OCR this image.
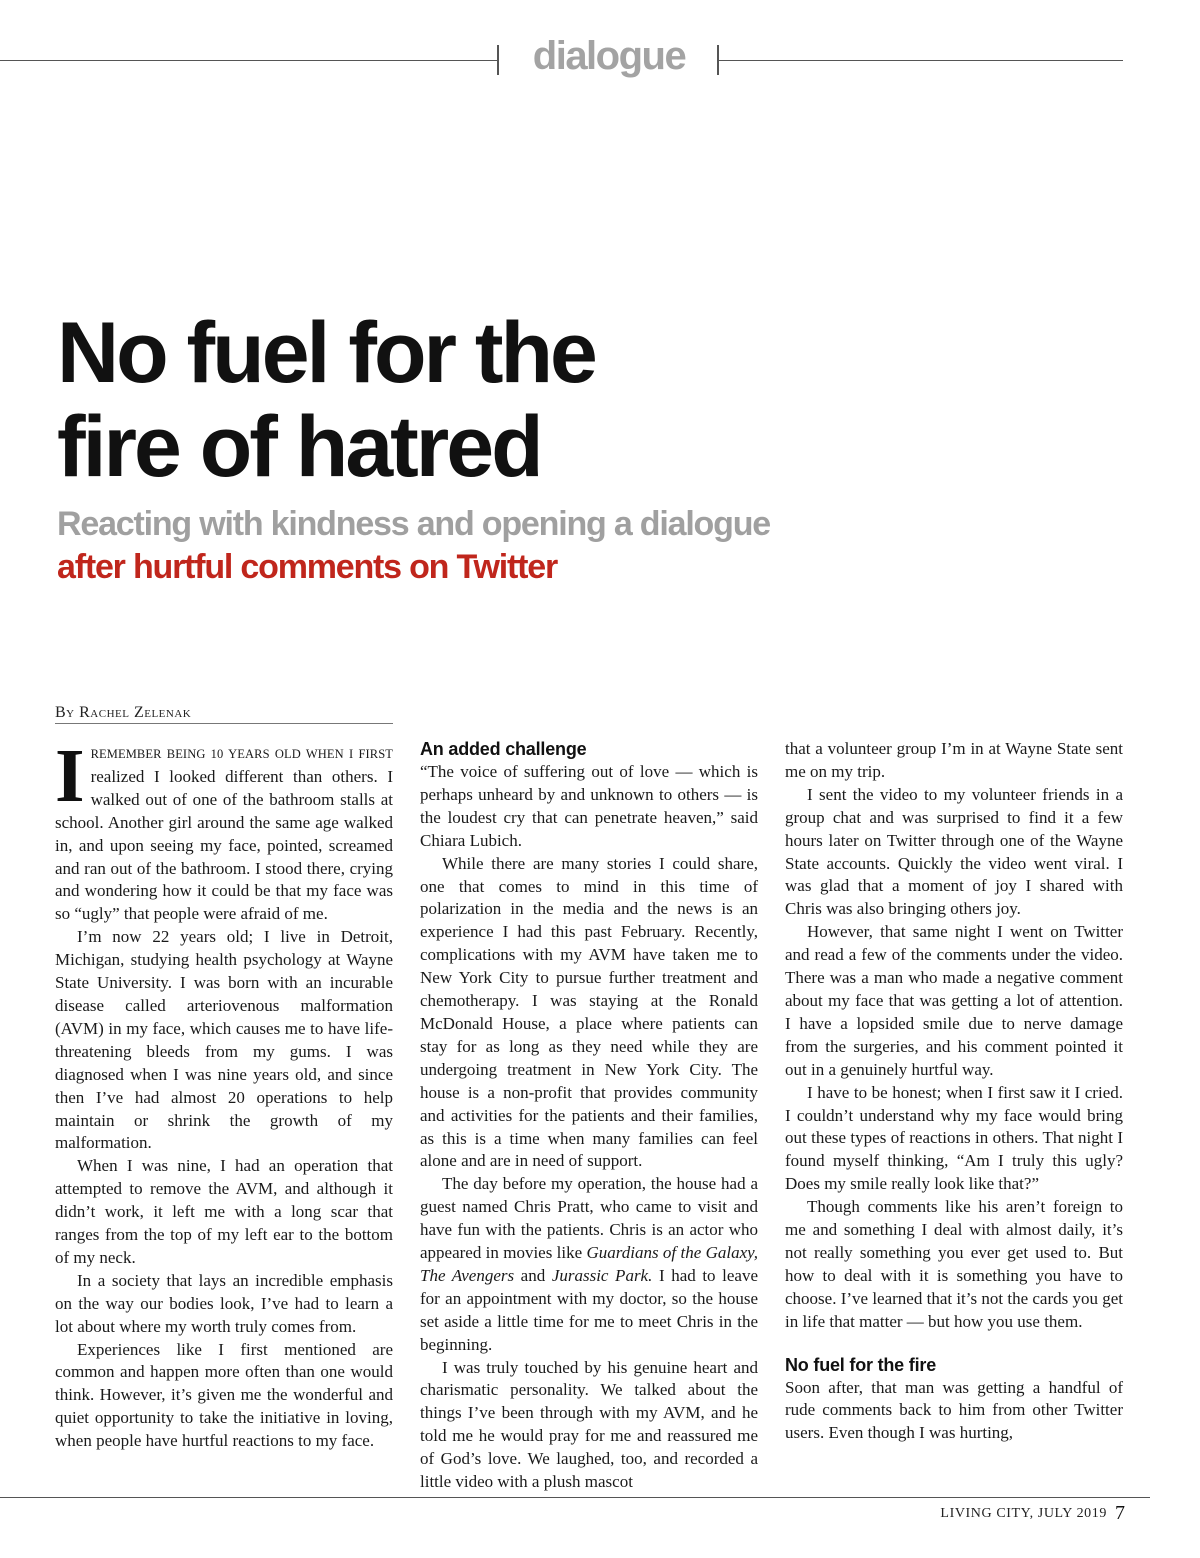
dialogue
No fuel for the
fire of hatred

Reacting with kindness and opening a dialogue after hurtful comments on Twitter

By Rachel Zelenak

IREMEMBER BEING 10 YEARS OLD WHEN I FIRST realized I looked different than others. I walked out of one of the bathroom stalls at school. Another girl around the same age walked in, and upon seeing my face, pointed, screamed and ran out of the bathroom. I stood there, crying and wondering how it could be that my face was so “ugly” that people were afraid of me.

I’m now 22 years old; I live in Detroit, Michigan, studying health psychology at Wayne State University. I was born with an incurable disease called arteriovenous malformation (AVM) in my face, which causes me to have life-threatening bleeds from my gums. I was diagnosed when I was nine years old, and since then I’ve had almost 20 operations to help maintain or shrink the growth of my malformation.

When I was nine, I had an operation that attempted to remove the AVM, and although it didn’t work, it left me with a long scar that ranges from the top of my left ear to the bottom of my neck.

In a society that lays an incredible emphasis on the way our bodies look, I’ve had to learn a lot about where my worth truly comes from.

Experiences like I first mentioned are common and happen more often than one would think. However, it’s given me the wonderful and quiet opportunity to take the initiative in loving, when people have hurtful reactions to my face.

An added challenge

“The voice of suffering out of love — which is perhaps unheard by and unknown to others — is the loudest cry that can penetrate heaven,” said Chiara Lubich.

While there are many stories I could share, one that comes to mind in this time of polarization in the media and the news is an experience I had this past February. Recently, complications with my AVM have taken me to New York City to pursue further treatment and chemotherapy. I was staying at the Ronald McDonald House, a place where patients can stay for as long as they need while they are undergoing treatment in New York City. The house is a non-profit that provides community and activities for the patients and their families, as this is a time when many families can feel alone and are in need of support.

The day before my operation, the house had a guest named Chris Pratt, who came to visit and have fun with the patients. Chris is an actor who appeared in movies like Guardians of the Galaxy, The Avengers and Jurassic Park. I had to leave for an appointment with my doctor, so the house set aside a little time for me to meet Chris in the beginning.

I was truly touched by his genuine heart and charismatic personality. We talked about the things I’ve been through with my AVM, and he told me he would pray for me and reassured me of God’s love. We laughed, too, and recorded a little video with a plush mascot

that a volunteer group I’m in at Wayne State sent me on my trip.

I sent the video to my volunteer friends in a group chat and was surprised to find it a few hours later on Twitter through one of the Wayne State accounts. Quickly the video went viral. I was glad that a moment of joy I shared with Chris was also bringing others joy.

However, that same night I went on Twitter and read a few of the comments under the video. There was a man who made a negative comment about my face that was getting a lot of attention. I have a lopsided smile due to nerve damage from the surgeries, and his comment pointed it out in a genuinely hurtful way.

I have to be honest; when I first saw it I cried. I couldn’t understand why my face would bring out these types of reactions in others. That night I found myself thinking, “Am I truly this ugly? Does my smile really look like that?”

Though comments like his aren’t foreign to me and something I deal with almost daily, it’s not really something you ever get used to. But how to deal with it is something you have to choose. I’ve learned that it’s not the cards you get in life that matter — but how you use them.

No fuel for the fire

Soon after, that man was getting a handful of rude comments back to him from other Twitter users. Even though I was hurting,

LIVING CITY, JULY 2019 7
